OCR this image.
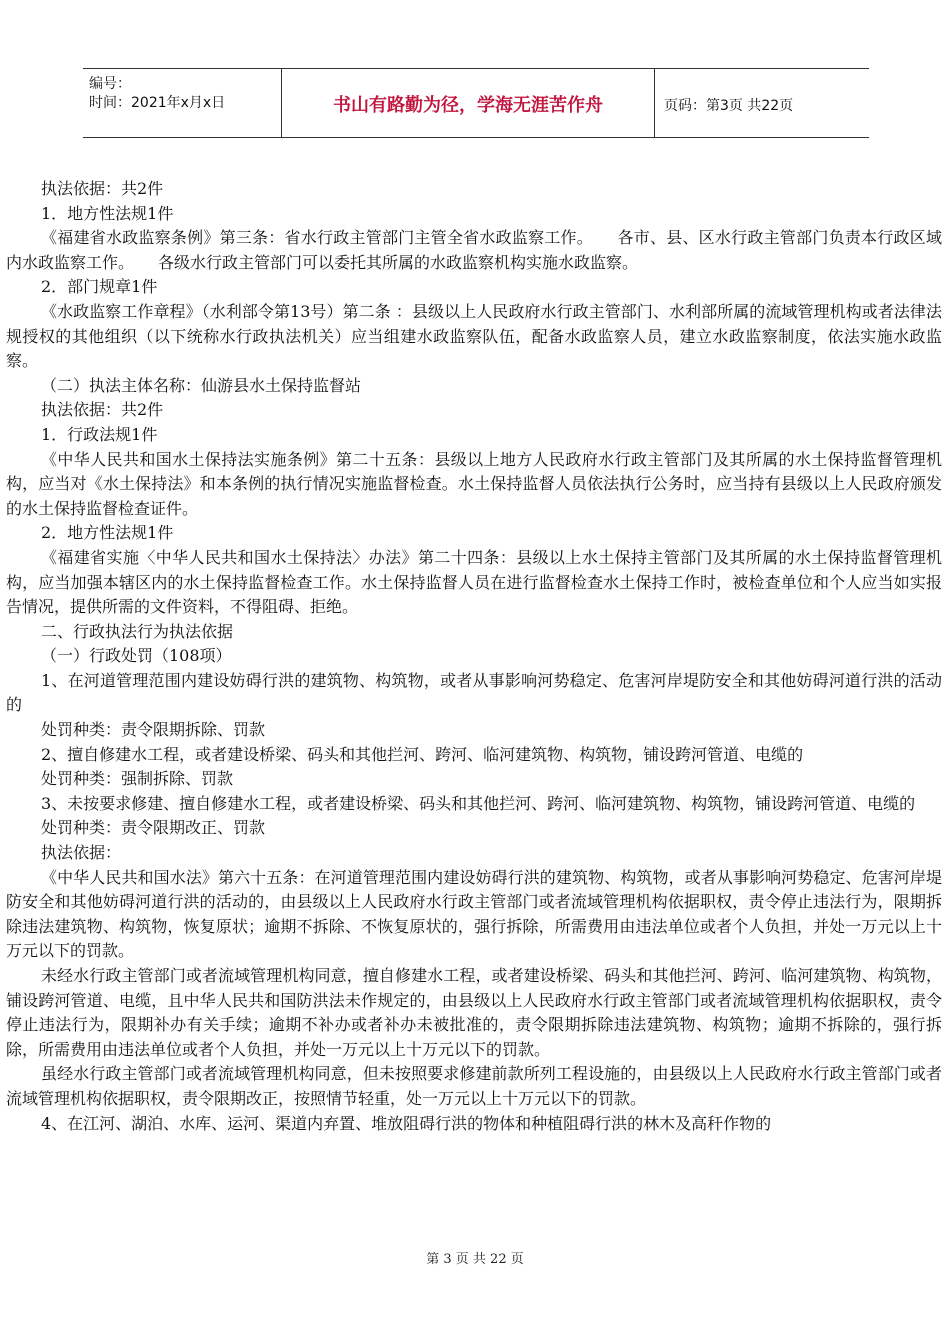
编号：
时间：2021年x月x日	书山有路勤为径，学海无涯苦作舟	页码：第3页 共22页

执法依据：共2件

1．地方性法规1件

《福建省水政监察条例》第三条：省水行政主管部门主管全省水政监察工作。　　各市、县、区水行政主管部门负责本行政区域内水政监察工作。　　各级水行政主管部门可以委托其所属的水政监察机构实施水政监察。

2．部门规章1件

《水政监察工作章程》（水利部令第13号）第二条 ：县级以上人民政府水行政主管部门、水利部所属的流域管理机构或者法律法规授权的其他组织（以下统称水行政执法机关）应当组建水政监察队伍，配备水政监察人员，建立水政监察制度，依法实施水政监察。

（二）执法主体名称：仙游县水土保持监督站

执法依据：共2件

1．行政法规1件

《中华人民共和国水土保持法实施条例》第二十五条：县级以上地方人民政府水行政主管部门及其所属的水土保持监督管理机构，应当对《水土保持法》和本条例的执行情况实施监督检查。水土保持监督人员依法执行公务时，应当持有县级以上人民政府颁发的水土保持监督检查证件。

2．地方性法规1件

《福建省实施〈中华人民共和国水土保持法〉办法》第二十四条：县级以上水土保持主管部门及其所属的水土保持监督管理机构，应当加强本辖区内的水土保持监督检查工作。水土保持监督人员在进行监督检查水土保持工作时，被检查单位和个人应当如实报告情况，提供所需的文件资料，不得阻碍、拒绝。

二、行政执法行为执法依据

（一）行政处罚（108项）

1、在河道管理范围内建设妨碍行洪的建筑物、构筑物，或者从事影响河势稳定、危害河岸堤防安全和其他妨碍河道行洪的活动的

处罚种类：责令限期拆除、罚款

2、擅自修建水工程，或者建设桥梁、码头和其他拦河、跨河、临河建筑物、构筑物，铺设跨河管道、电缆的

处罚种类：强制拆除、罚款

3、未按要求修建、擅自修建水工程，或者建设桥梁、码头和其他拦河、跨河、临河建筑物、构筑物，铺设跨河管道、电缆的

处罚种类：责令限期改正、罚款

执法依据：

《中华人民共和国水法》第六十五条：在河道管理范围内建设妨碍行洪的建筑物、构筑物，或者从事影响河势稳定、危害河岸堤防安全和其他妨碍河道行洪的活动的，由县级以上人民政府水行政主管部门或者流域管理机构依据职权，责令停止违法行为，限期拆除违法建筑物、构筑物，恢复原状；逾期不拆除、不恢复原状的，强行拆除，所需费用由违法单位或者个人负担，并处一万元以上十万元以下的罚款。

未经水行政主管部门或者流域管理机构同意，擅自修建水工程，或者建设桥梁、码头和其他拦河、跨河、临河建筑物、构筑物，铺设跨河管道、电缆，且中华人民共和国防洪法未作规定的，由县级以上人民政府水行政主管部门或者流域管理机构依据职权，责令停止违法行为，限期补办有关手续；逾期不补办或者补办未被批准的，责令限期拆除违法建筑物、构筑物；逾期不拆除的，强行拆除，所需费用由违法单位或者个人负担，并处一万元以上十万元以下的罚款。

虽经水行政主管部门或者流域管理机构同意，但未按照要求修建前款所列工程设施的，由县级以上人民政府水行政主管部门或者流域管理机构依据职权，责令限期改正，按照情节轻重，处一万元以上十万元以下的罚款。

4、在江河、湖泊、水库、运河、渠道内弃置、堆放阻碍行洪的物体和种植阻碍行洪的林木及高秆作物的

第 3 页 共 22 页
